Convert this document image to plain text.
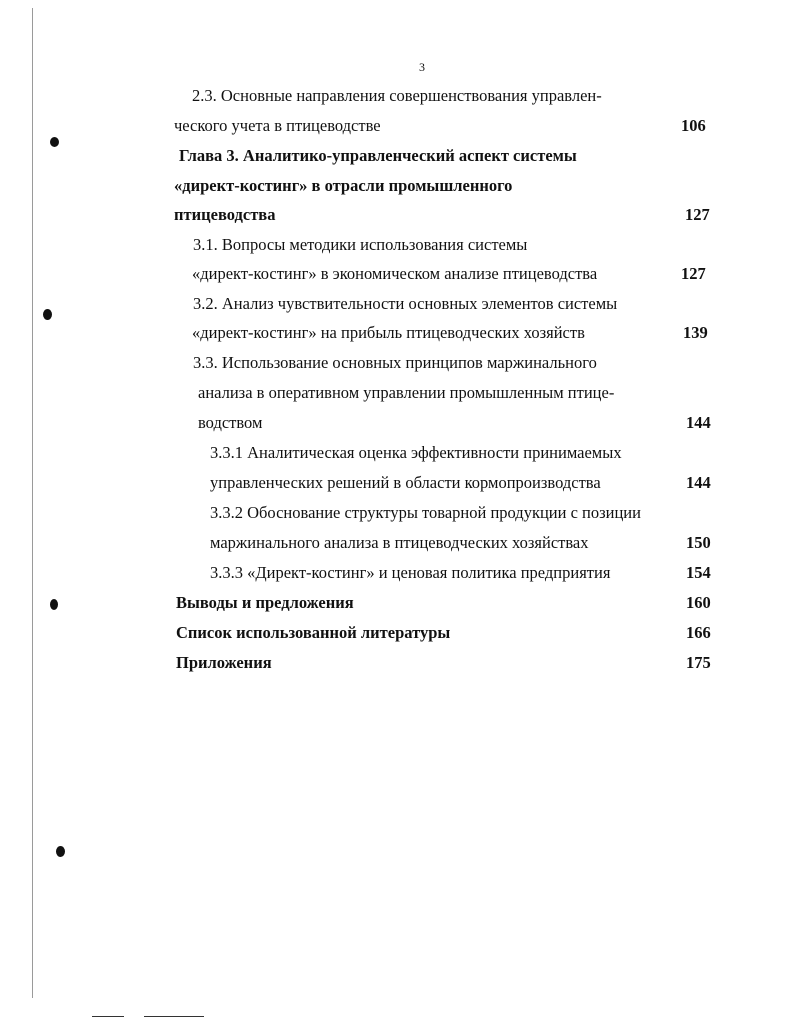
3
2.3. Основные направления совершенствования управлен-
ческого учета в птицеводстве
Глава 3. Аналитико-управленческий аспект системы
«директ-костинг» в отрасли промышленного
птицеводства
3.1. Вопросы методики использования системы
«директ-костинг» в экономическом анализе птицеводства
3.2. Анализ чувствительности основных элементов системы
«директ-костинг» на прибыль птицеводческих хозяйств
3.3. Использование основных принципов маржинального
анализа в оперативном управлении промышленным птице-
водством
3.3.1 Аналитическая оценка эффективности принимаемых
управленческих решений в области кормопроизводства
3.3.2 Обоснование структуры товарной продукции с позиции
маржинального анализа в птицеводческих хозяйствах
3.3.3 «Директ-костинг» и ценовая политика предприятия
Выводы и предложения
Список использованной литературы
Приложения
106
127
127
139
144
144
150
154
160
166
175
